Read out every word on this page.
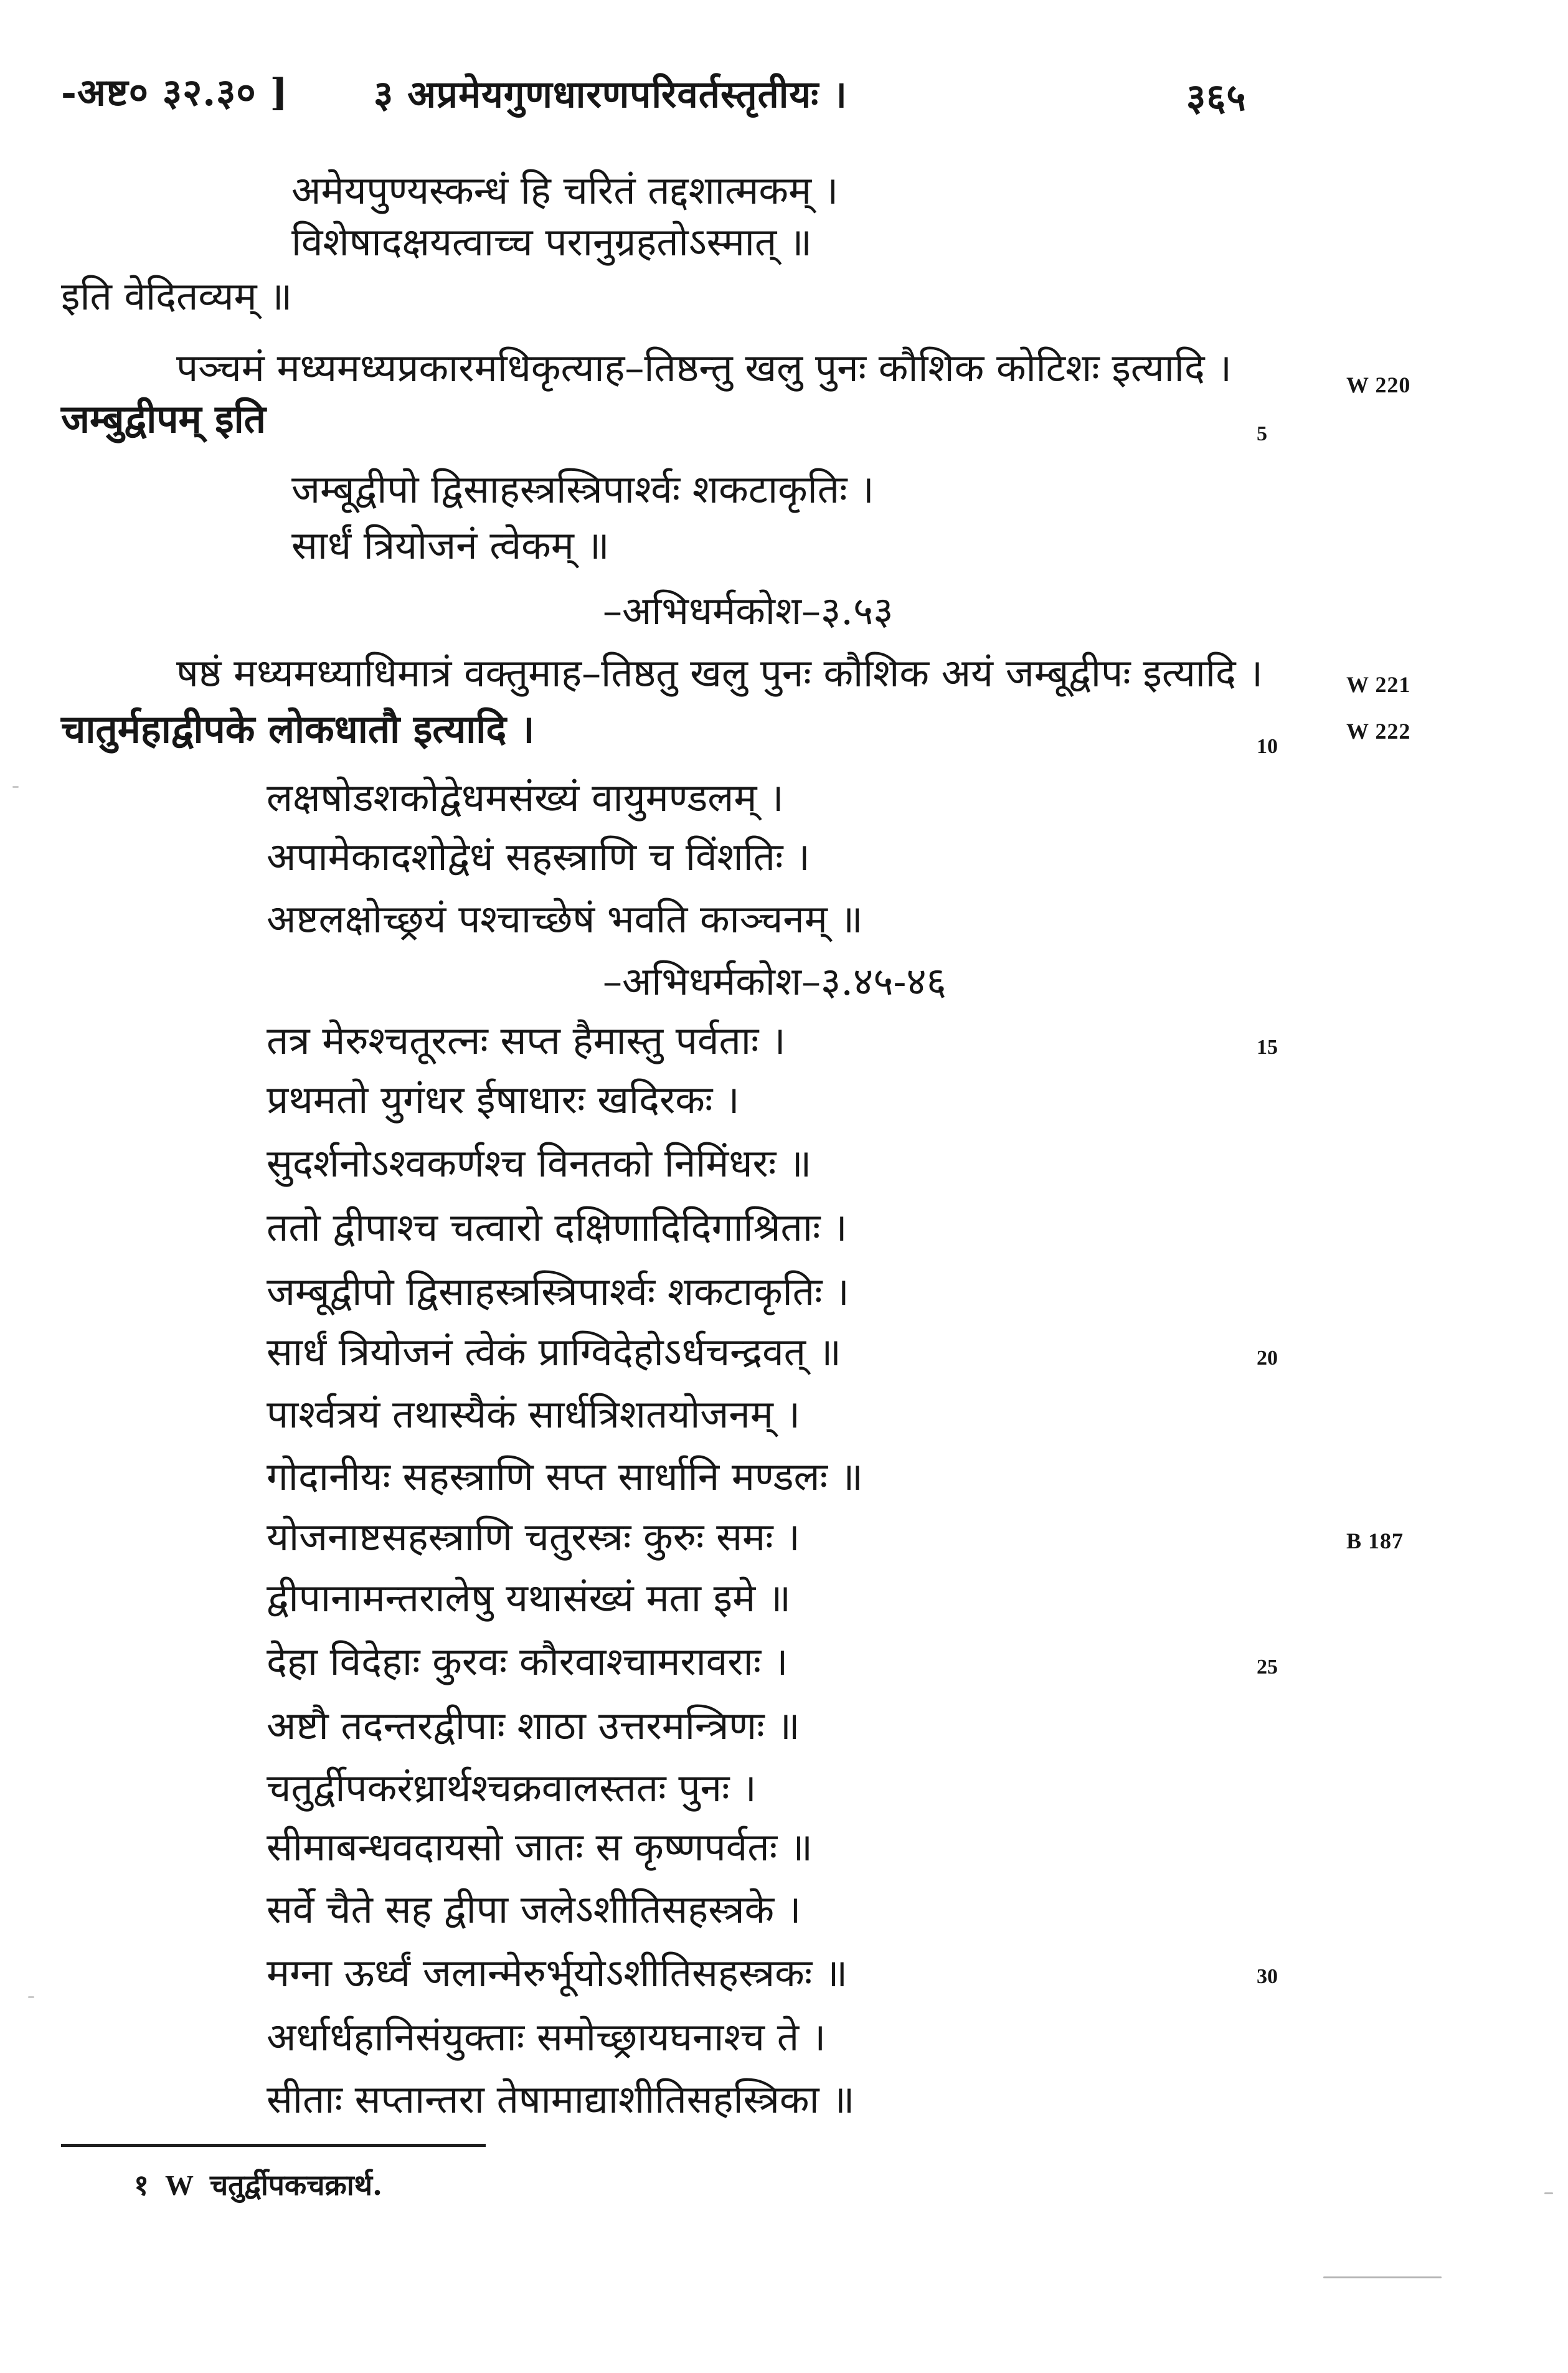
-अष्ट० ३२.३० ] ३ अप्रमेयगुणधारणपरिवर्तस्तृतीयः ।	३६५
अमेयपुण्यस्कन्धं हि चरितं तद्दशात्मकम् ।
विशेषादक्षयत्वाच्च परानुग्रहतोऽस्मात् ॥
इति वेदितव्यम् ॥
पञ्चमं मध्यमध्यप्रकारमधिकृत्याह–तिष्ठन्तु खलु पुनः कौशिक कोटिशः इत्यादि ।
जम्बुद्वीपम् इति
जम्बूद्वीपो द्विसाहस्त्रस्त्रिपार्श्वः शकटाकृतिः ।
सार्धं त्रियोजनं त्वेकम् ॥
–अभिधर्मकोश–३.५३
षष्ठं मध्यमध्याधिमात्रं वक्तुमाह–तिष्ठतु खलु पुनः कौशिक अयं जम्बूद्वीपः इत्यादि ।
चातुर्महाद्वीपके लोकधातौ इत्यादि ।
लक्षषोडशकोद्वेधमसंख्यं वायुमण्डलम् ।
अपामेकादशोद्वेधं सहस्त्राणि च विंशतिः ।
अष्टलक्षोच्छ्रयं पश्चाच्छेषं भवति काञ्चनम् ॥
–अभिधर्मकोश–३.४५-४६
तत्र मेरुश्चतूरत्नः सप्त हैमास्तु पर्वताः ।
प्रथमतो युगंधर ईषाधारः खदिरकः ।
सुदर्शनोऽश्वकर्णश्च विनतको निमिंधरः ॥
ततो द्वीपाश्च चत्वारो दक्षिणादिदिगाश्रिताः ।
जम्बूद्वीपो द्विसाहस्त्रस्त्रिपार्श्वः शकटाकृतिः ।
सार्धं त्रियोजनं त्वेकं प्राग्विदेहोऽर्धचन्द्रवत् ॥
पार्श्वत्रयं तथास्यैकं सार्धत्रिशतयोजनम् ।
गोदानीयः सहस्त्राणि सप्त सार्धानि मण्डलः ॥
योजनाष्टसहस्त्राणि चतुरस्त्रः कुरुः समः ।
द्वीपानामन्तरालेषु यथासंख्यं मता इमे ॥
देहा विदेहाः कुरवः कौरवाश्चामरावराः ।
अष्टौ तदन्तरद्वीपाः शाठा उत्तरमन्त्रिणः ॥
चतुर्द्वीपकरंध्रार्थश्चक्रवालस्ततः पुनः ।
सीमाबन्धवदायसो जातः स कृष्णपर्वतः ॥
सर्वे चैते सह द्वीपा जलेऽशीतिसहस्त्रके ।
मग्ना ऊर्ध्वं जलान्मेरुर्भूयोऽशीतिसहस्त्रकः ॥
अर्धार्धहानिसंयुक्ताः समोच्छ्रायघनाश्च ते ।
सीताः सप्तान्तरा तेषामाद्याशीतिसहस्त्रिका ॥
5
10
15
20
25
30
W 220
W 221
W 222
B 187
१ W चतुर्द्वीपकचक्रार्थ.
